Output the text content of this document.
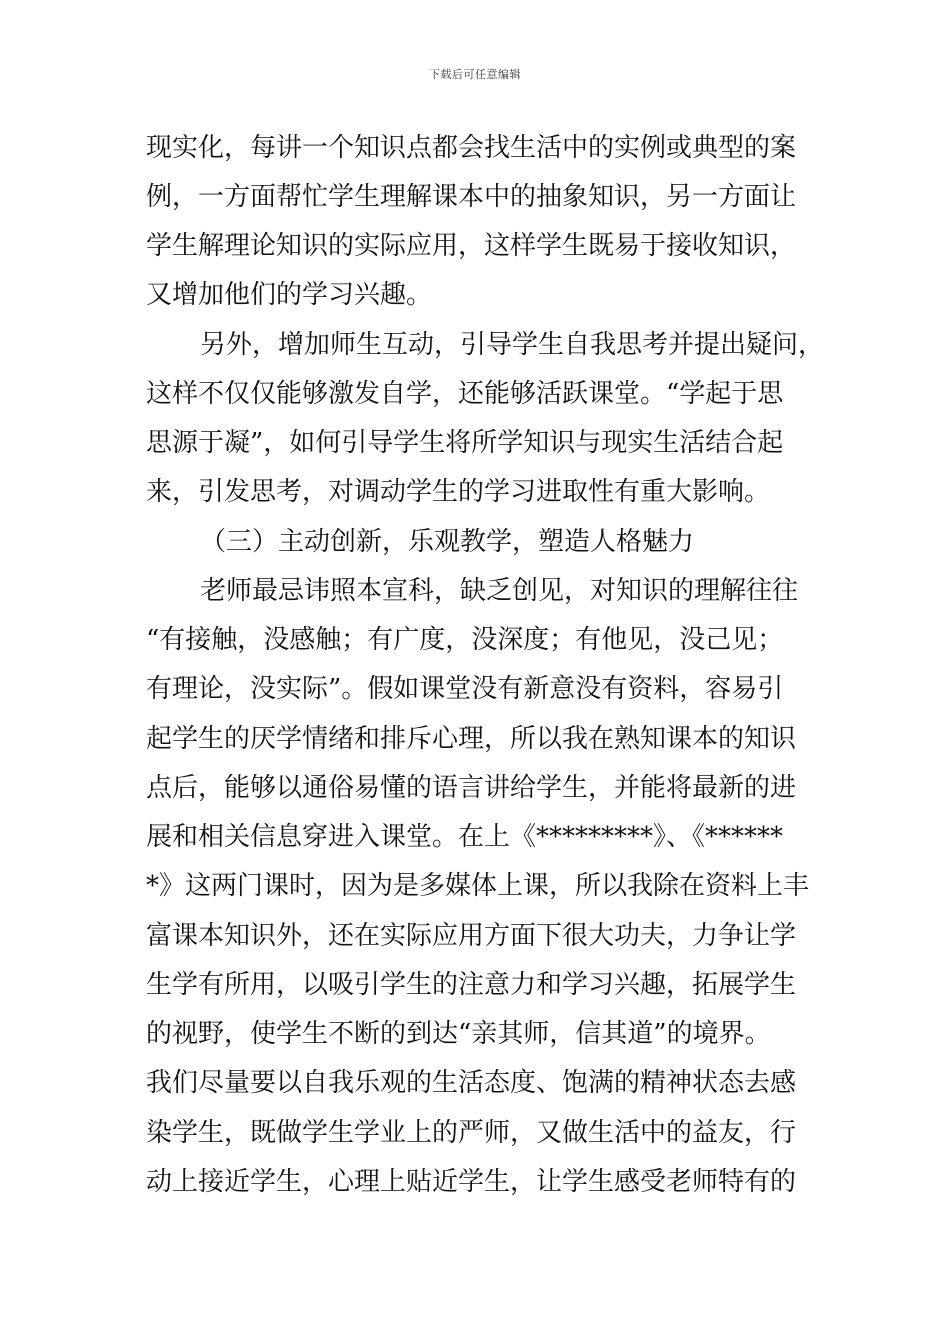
下载后可任意编辑
现实化，每讲一个知识点都会找生活中的实例或典型的案
例，一方面帮忙学生理解课本中的抽象知识，另一方面让
学生解理论知识的实际应用，这样学生既易于接收知识，
又增加他们的学习兴趣。
另外，增加师生互动，引导学生自我思考并提出疑问，
这样不仅仅能够激发自学，还能够活跃课堂。“学起于思
思源于凝”，如何引导学生将所学知识与现实生活结合起
来，引发思考，对调动学生的学习进取性有重大影响。
（三）主动创新，乐观教学，塑造人格魅力
老师最忌讳照本宣科，缺乏创见，对知识的理解往往
“有接触，没感触；有广度，没深度；有他见，没己见；
有理论，没实际”。假如课堂没有新意没有资料，容易引
起学生的厌学情绪和排斥心理，所以我在熟知课本的知识
点后，能够以通俗易懂的语言讲给学生，并能将最新的进
展和相关信息穿进入课堂。在上《*********》、《******
*》这两门课时，因为是多媒体上课，所以我除在资料上丰
富课本知识外，还在实际应用方面下很大功夫，力争让学
生学有所用，以吸引学生的注意力和学习兴趣，拓展学生
的视野，使学生不断的到达“亲其师，信其道”的境界。
我们尽量要以自我乐观的生活态度、饱满的精神状态去感
染学生，既做学生学业上的严师，又做生活中的益友，行
动上接近学生，心理上贴近学生，让学生感受老师特有的
